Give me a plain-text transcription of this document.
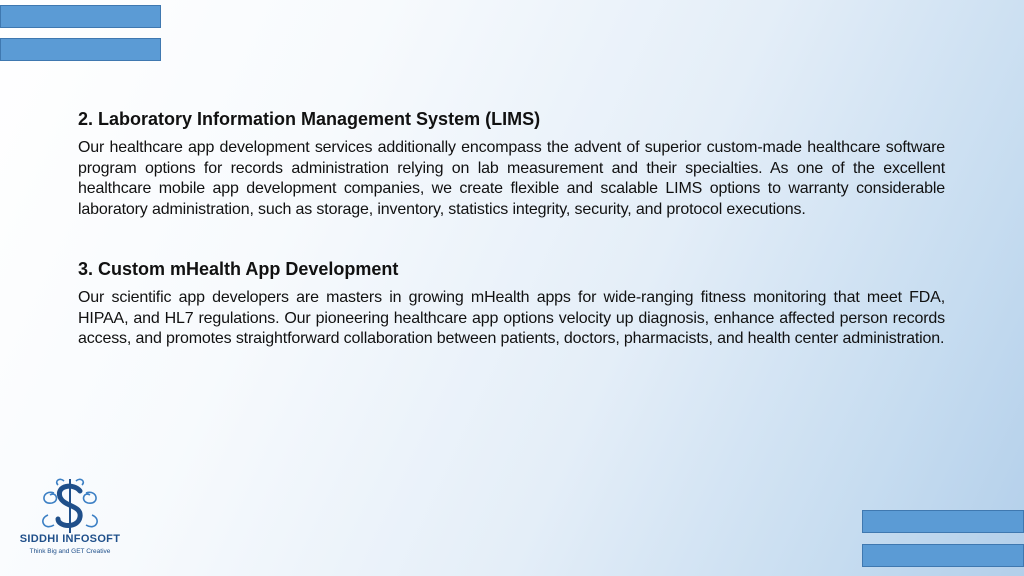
2. Laboratory Information Management System (LIMS)

Our healthcare app development services additionally encompass the advent of superior custom-made healthcare software program options for records administration relying on lab measurement and their specialties. As one of the excellent healthcare mobile app development companies, we create flexible and scalable LIMS options to warranty considerable laboratory administration, such as storage, inventory, statistics integrity, security, and protocol executions.

3. Custom mHealth App Development

Our scientific app developers are masters in growing mHealth apps for wide-ranging fitness monitoring that meet FDA, HIPAA, and HL7 regulations. Our pioneering healthcare app options velocity up diagnosis, enhance affected person records access, and promotes straightforward collaboration between patients, doctors, pharmacists, and health center administration.

SIDDHI INFOSOFT
Think Big and GET Creative
